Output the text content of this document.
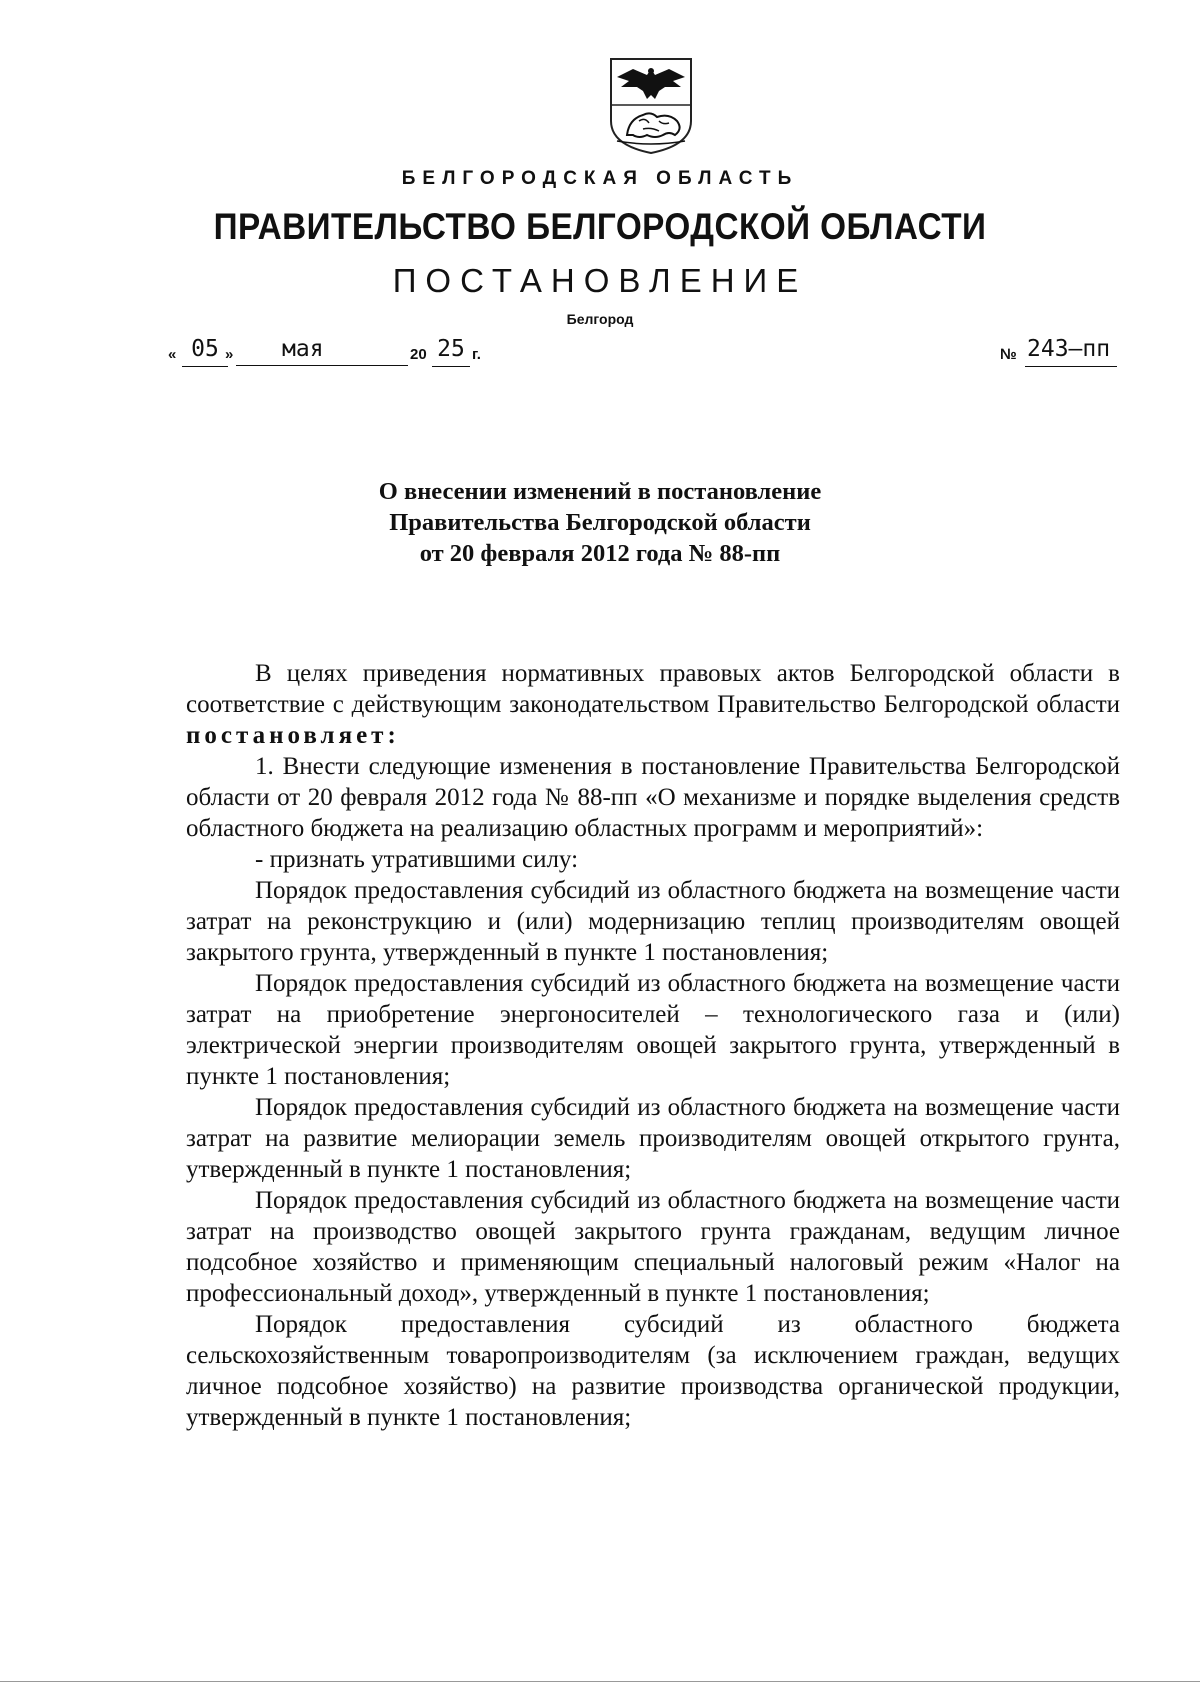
БЕЛГОРОДСКАЯ ОБЛАСТЬ
ПРАВИТЕЛЬСТВО БЕЛГОРОДСКОЙ ОБЛАСТИ
ПОСТАНОВЛЕНИЕ
Белгород
« 05 »	мая	20 25 г.	№ 243–пп
О внесении изменений в постановление
Правительства Белгородской области
от 20 февраля 2012 года № 88-пп

В целях приведения нормативных правовых актов Белгородской области в соответствие с действующим законодательством Правительство Белгородской области постановляет:

1. Внести следующие изменения в постановление Правительства Белгородской области от 20 февраля 2012 года № 88-пп «О механизме и порядке выделения средств областного бюджета на реализацию областных программ и мероприятий»:

- признать утратившими силу:

Порядок предоставления субсидий из областного бюджета на возмещение части затрат на реконструкцию и (или) модернизацию теплиц производителям овощей закрытого грунта, утвержденный в пункте 1 постановления;

Порядок предоставления субсидий из областного бюджета на возмещение части затрат на приобретение энергоносителей – технологического газа и (или) электрической энергии производителям овощей закрытого грунта, утвержденный в пункте 1 постановления;

Порядок предоставления субсидий из областного бюджета на возмещение части затрат на развитие мелиорации земель производителям овощей открытого грунта, утвержденный в пункте 1 постановления;

Порядок предоставления субсидий из областного бюджета на возмещение части затрат на производство овощей закрытого грунта гражданам, ведущим личное подсобное хозяйство и применяющим специальный налоговый режим «Налог на профессиональный доход», утвержденный в пункте 1 постановления;

Порядок предоставления субсидий из областного бюджета сельскохозяйственным товаропроизводителям (за исключением граждан, ведущих личное подсобное хозяйство) на развитие производства органической продукции, утвержденный в пункте 1 постановления;
